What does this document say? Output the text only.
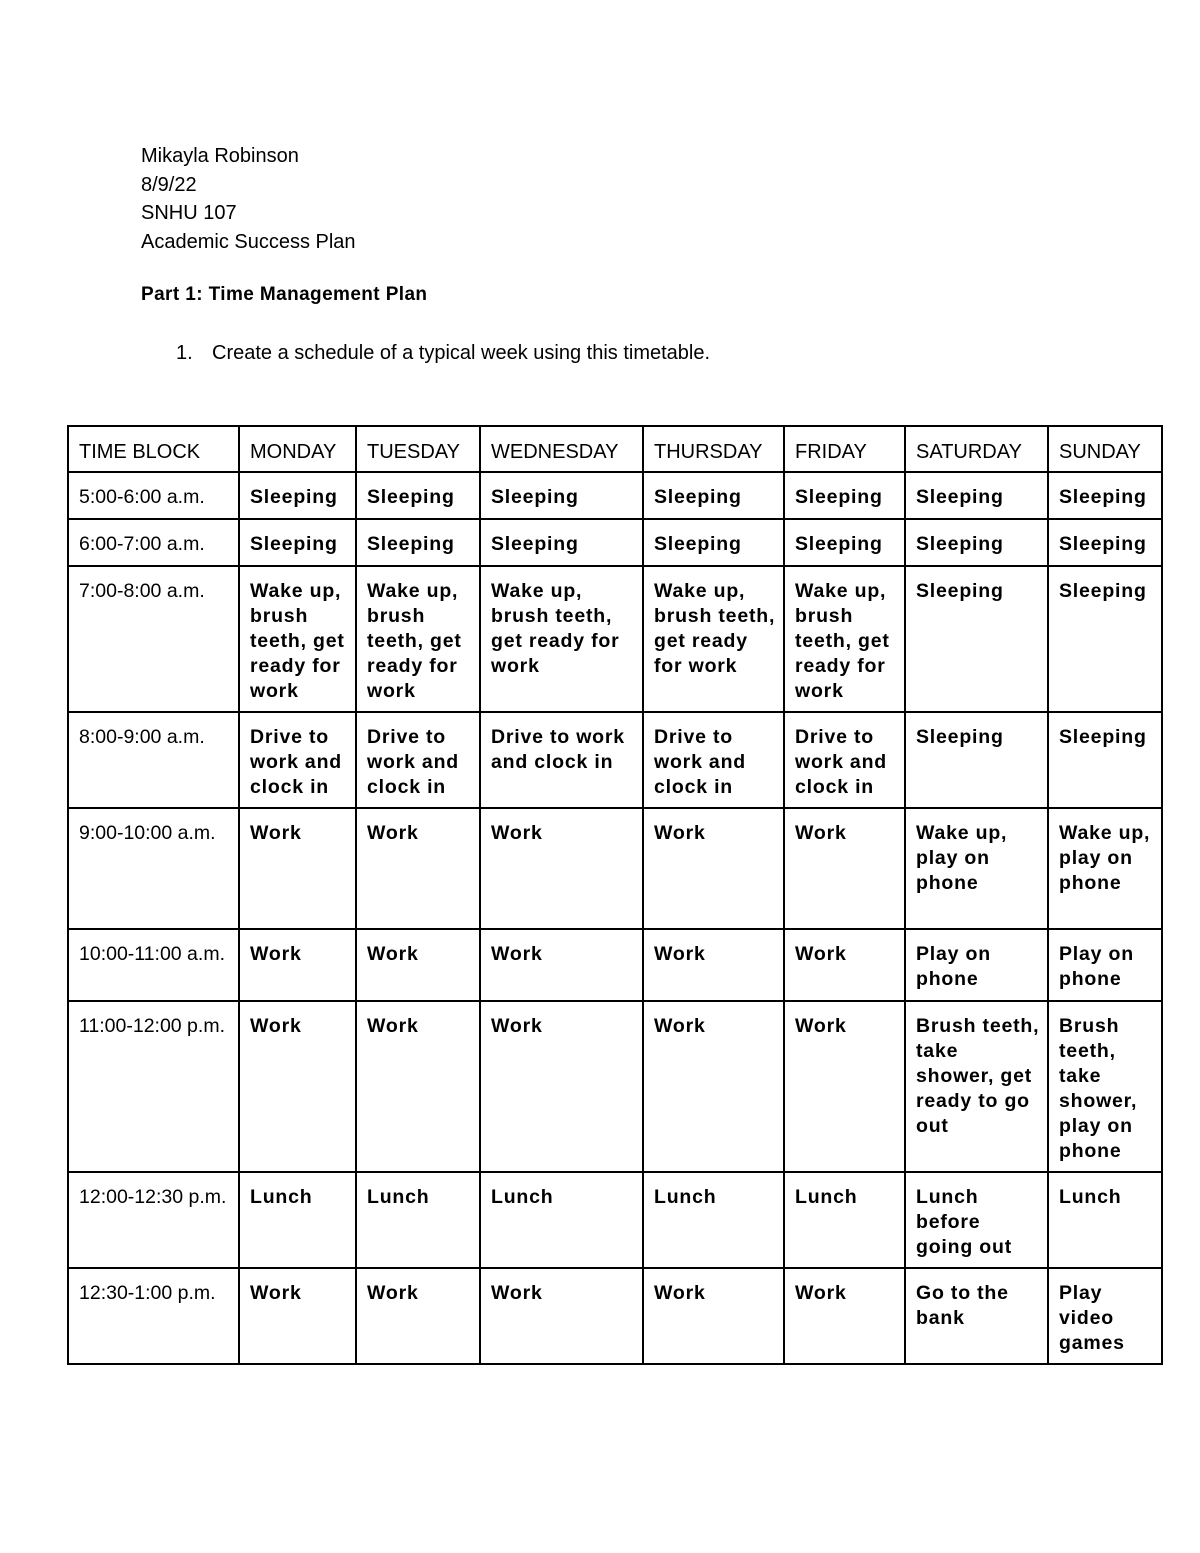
Mikayla Robinson
8/9/22
SNHU 107
Academic Success Plan
Part 1: Time Management Plan
1. Create a schedule of a typical week using this timetable.
TIME BLOCK	MONDAY	TUESDAY	WEDNESDAY	THURSDAY	FRIDAY	SATURDAY	SUNDAY
5:00-6:00 a.m.	Sleeping	Sleeping	Sleeping	Sleeping	Sleeping	Sleeping	Sleeping
6:00-7:00 a.m.	Sleeping	Sleeping	Sleeping	Sleeping	Sleeping	Sleeping	Sleeping
7:00-8:00 a.m.	Wake up, brush teeth, get ready for work	Wake up, brush teeth, get ready for work	Wake up, brush teeth, get ready for work	Wake up, brush teeth, get ready for work	Wake up, brush teeth, get ready for work	Sleeping	Sleeping
8:00-9:00 a.m.	Drive to work and clock in	Drive to work and clock in	Drive to work and clock in	Drive to work and clock in	Drive to work and clock in	Sleeping	Sleeping
9:00-10:00 a.m.	Work	Work	Work	Work	Work	Wake up, play on phone	Wake up, play on phone
10:00-11:00 a.m.	Work	Work	Work	Work	Work	Play on phone	Play on phone
11:00-12:00 p.m.	Work	Work	Work	Work	Work	Brush teeth, take shower, get ready to go out	Brush teeth, take shower, play on phone
12:00-12:30 p.m.	Lunch	Lunch	Lunch	Lunch	Lunch	Lunch before going out	Lunch
12:30-1:00 p.m.	Work	Work	Work	Work	Work	Go to the bank	Play video games
